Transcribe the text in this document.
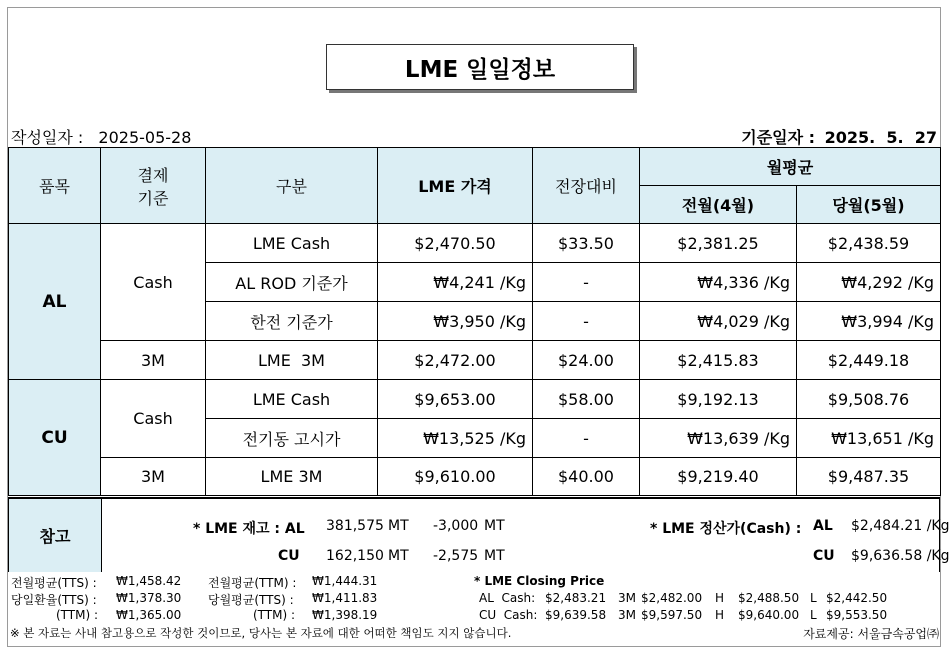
LME 일일정보
작성일자 : 2025-05-28	기준일자 : 2025.  5.  27
품목	결제
기준	구분	LME 가격	전장대비	월평균	
					전월(4월)	당월(5월)
AL	Cash	LME Cash	$2,470.50	$33.50	$2,381.25	$2,438.59
		AL ROD 기준가	₩4,241 /Kg	-	₩4,336 /Kg	₩4,292 /Kg
		한전 기준가	₩3,950 /Kg	-	₩4,029 /Kg	₩3,994 /Kg
	3M	LME  3M	$2,472.00	$24.00	$2,415.83	$2,449.18
CU	Cash	LME Cash	$9,653.00	$58.00	$9,192.13	$9,508.76
		전기동 고시가	₩13,525 /Kg	-	₩13,639 /Kg	₩13,651 /Kg
	3M	LME 3M	$9,610.00	$40.00	$9,219.40	$9,487.35
참고	* LME 재고 : AL 381,575 MT -3,000 MT
CU 162,150 MT -2,575 MT
* LME 정산가(Cash) : AL $2,484.21 /Kg
CU $9,636.58 /Kg
전월평균(TTS) : ₩1,458.42 전월평균(TTM) : ₩1,444.31
당일환율(TTS) : ₩1,378.30 당월평균(TTS) : ₩1,411.83
(TTM) : ₩1,365.00	(TTM) : ₩1,398.19
* LME Closing Price
AL  Cash: $2,483.21 3M $2,482.00 H $2,488.50 L $2,442.50
CU  Cash: $9,639.58 3M $9,597.50 H $9,640.00 L $9,553.50
※ 본 자료는 사내 참고용으로 작성한 것이므로, 당사는 본 자료에 대한 어떠한 책임도 지지 않습니다.	자료제공: 서울금속공업㈜
